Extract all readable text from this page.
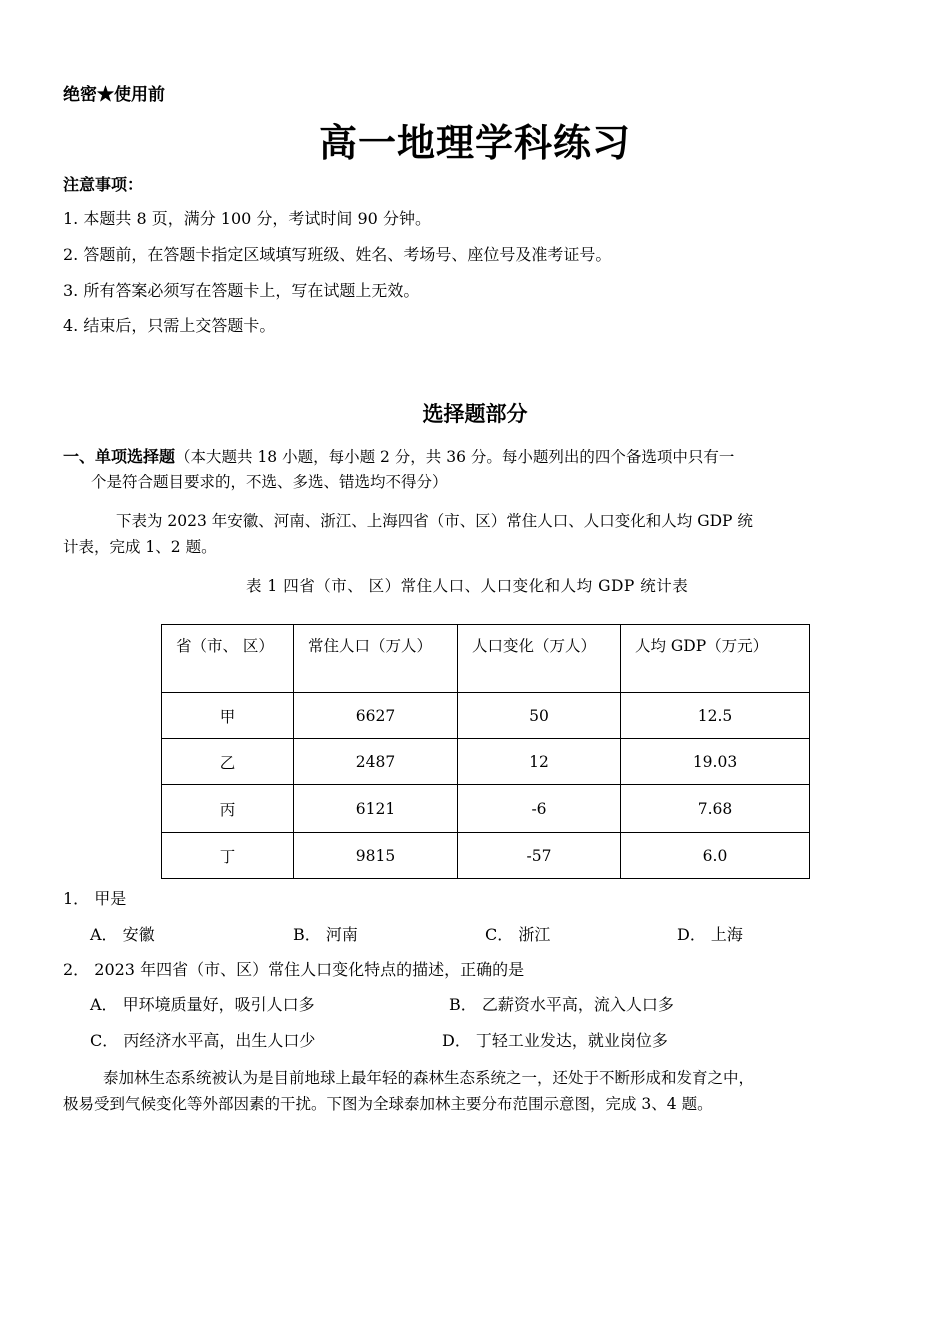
绝密★使用前
高一地理学科练习
注意事项：
1. 本题共 8 页，满分 100 分，考试时间 90 分钟。
2. 答题前，在答题卡指定区域填写班级、姓名、考场号、座位号及准考证号。
3. 所有答案必须写在答题卡上，写在试题上无效。
4. 结束后，只需上交答题卡。
选择题部分
一、单项选择题（本大题共 18 小题，每小题 2 分，共 36 分。每小题列出的四个备选项中只有一
个是符合题目要求的，不选、多选、错选均不得分）
下表为 2023 年安徽、河南、浙江、上海四省（市、区）常住人口、人口变化和人均 GDP 统
计表，完成 1、2 题。
表 1 四省（市、 区）常住人口、人口变化和人均 GDP 统计表
省（市、 区）	常住人口（万人）	人口变化（万人）	人均 GDP（万元）
甲	6627	50	12.5
乙	2487	12	19.03
丙	6121	-6	7.68
丁	9815	-57	6.0
1． 甲是
A． 安徽	B． 河南	C． 浙江	D． 上海
2． 2023 年四省（市、区）常住人口变化特点的描述，正确的是
A． 甲环境质量好，吸引人口多	B． 乙薪资水平高，流入人口多
C． 丙经济水平高，出生人口少	D． 丁轻工业发达，就业岗位多
泰加林生态系统被认为是目前地球上最年轻的森林生态系统之一，还处于不断形成和发育之中，
极易受到气候变化等外部因素的干扰。下图为全球泰加林主要分布范围示意图，完成 3、4 题。
